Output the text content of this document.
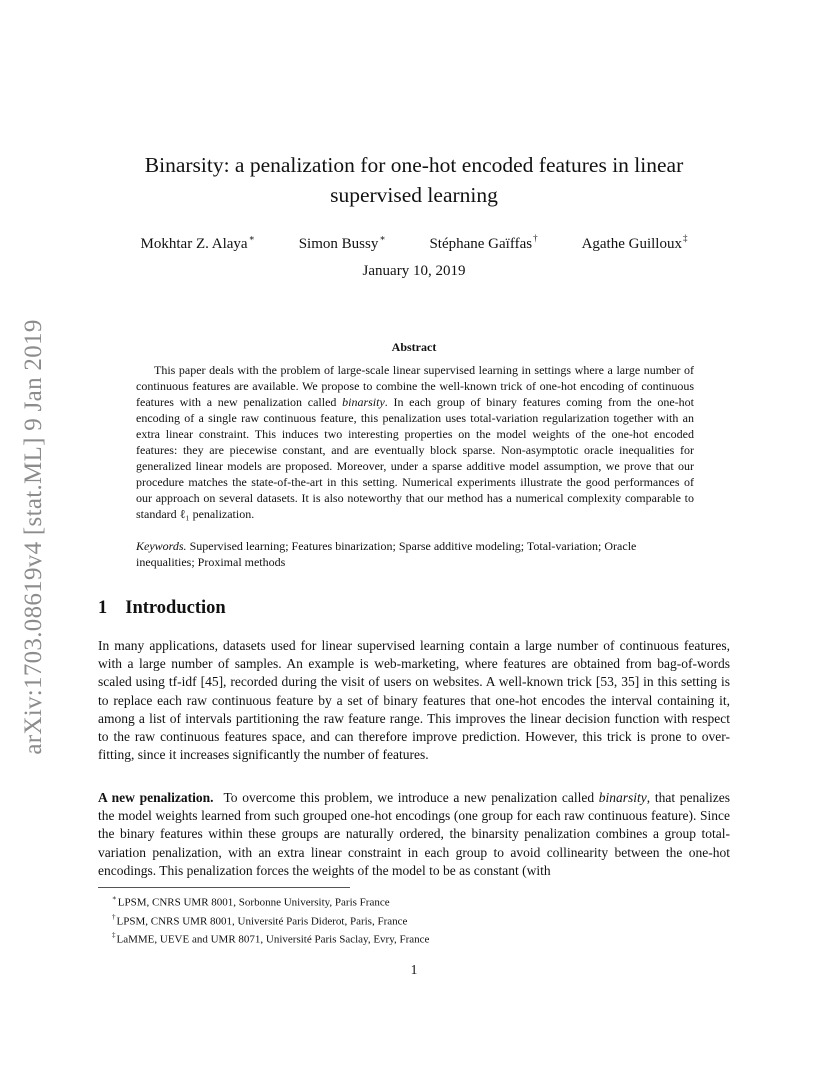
arXiv:1703.08619v4 [stat.ML] 9 Jan 2019
Binarsity: a penalization for one-hot encoded features in linear supervised learning
Mokhtar Z. Alaya∗	Simon Bussy∗	Stéphane Gaïffas†	Agathe Guilloux‡
January 10, 2019
Abstract

This paper deals with the problem of large-scale linear supervised learning in settings where a large number of continuous features are available. We propose to combine the well-known trick of one-hot encoding of continuous features with a new penalization called binarsity. In each group of binary features coming from the one-hot encoding of a single raw continuous feature, this penalization uses total-variation regularization together with an extra linear constraint. This induces two interesting properties on the model weights of the one-hot encoded features: they are piecewise constant, and are eventually block sparse. Non-asymptotic oracle inequalities for generalized linear models are proposed. Moreover, under a sparse additive model assumption, we prove that our procedure matches the state-of-the-art in this setting. Numerical experiments illustrate the good performances of our approach on several datasets. It is also noteworthy that our method has a numerical complexity comparable to standard ℓ₁ penalization.

Keywords. Supervised learning; Features binarization; Sparse additive modeling; Total-variation; Oracle inequalities; Proximal methods

1 Introduction

In many applications, datasets used for linear supervised learning contain a large number of continuous features, with a large number of samples. An example is web-marketing, where features are obtained from bag-of-words scaled using tf-idf [45], recorded during the visit of users on websites. A well-known trick [53, 35] in this setting is to replace each raw continuous feature by a set of binary features that one-hot encodes the interval containing it, among a list of intervals partitioning the raw feature range. This improves the linear decision function with respect to the raw continuous features space, and can therefore improve prediction. However, this trick is prone to over-fitting, since it increases significantly the number of features.

A new penalization. To overcome this problem, we introduce a new penalization called binarsity, that penalizes the model weights learned from such grouped one-hot encodings (one group for each raw continuous feature). Since the binary features within these groups are naturally ordered, the binarsity penalization combines a group total-variation penalization, with an extra linear constraint in each group to avoid collinearity between the one-hot encodings. This penalization forces the weights of the model to be as constant (with

∗LPSM, CNRS UMR 8001, Sorbonne University, Paris France
†LPSM, CNRS UMR 8001, Université Paris Diderot, Paris, France
‡LaMME, UEVE and UMR 8071, Université Paris Saclay, Evry, France
1
